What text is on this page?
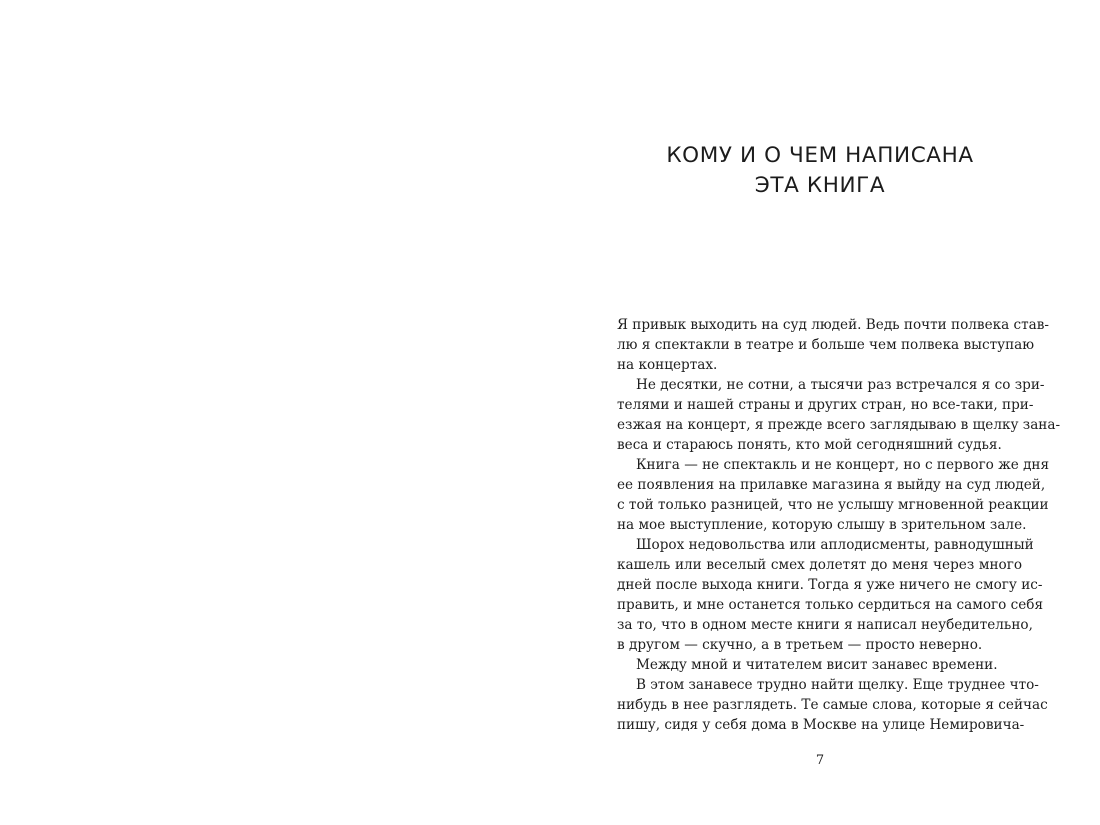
КОМУ И О ЧЕМ НАПИСАНА
ЭТА КНИГА

Я привык выходить на суд людей. Ведь почти полвека став-
лю я спектакли в театре и больше чем полвека выступаю
на концертах.

Не десятки, не сотни, а тысячи раз встречался я со зри-
телями и нашей страны и других стран, но все-таки, при-
езжая на концерт, я прежде всего заглядываю в щелку зана-
веса и стараюсь понять, кто мой сегодняшний судья.

Книга — не спектакль и не концерт, но с первого же дня
ее появления на прилавке магазина я выйду на суд людей,
с той только разницей, что не услышу мгновенной реакции
на мое выступление, которую слышу в зрительном зале.

Шорох недовольства или аплодисменты, равнодушный
кашель или веселый смех долетят до меня через много
дней после выхода книги. Тогда я уже ничего не смогу ис-
править, и мне останется только сердиться на самого себя
за то, что в одном месте книги я написал неубедительно,
в другом — скучно, а в третьем — просто неверно.

Между мной и читателем висит занавес времени.

В этом занавесе трудно найти щелку. Еще труднее что-
нибудь в нее разглядеть. Те самые слова, которые я сейчас
пишу, сидя у себя дома в Москве на улице Немировича-

7
